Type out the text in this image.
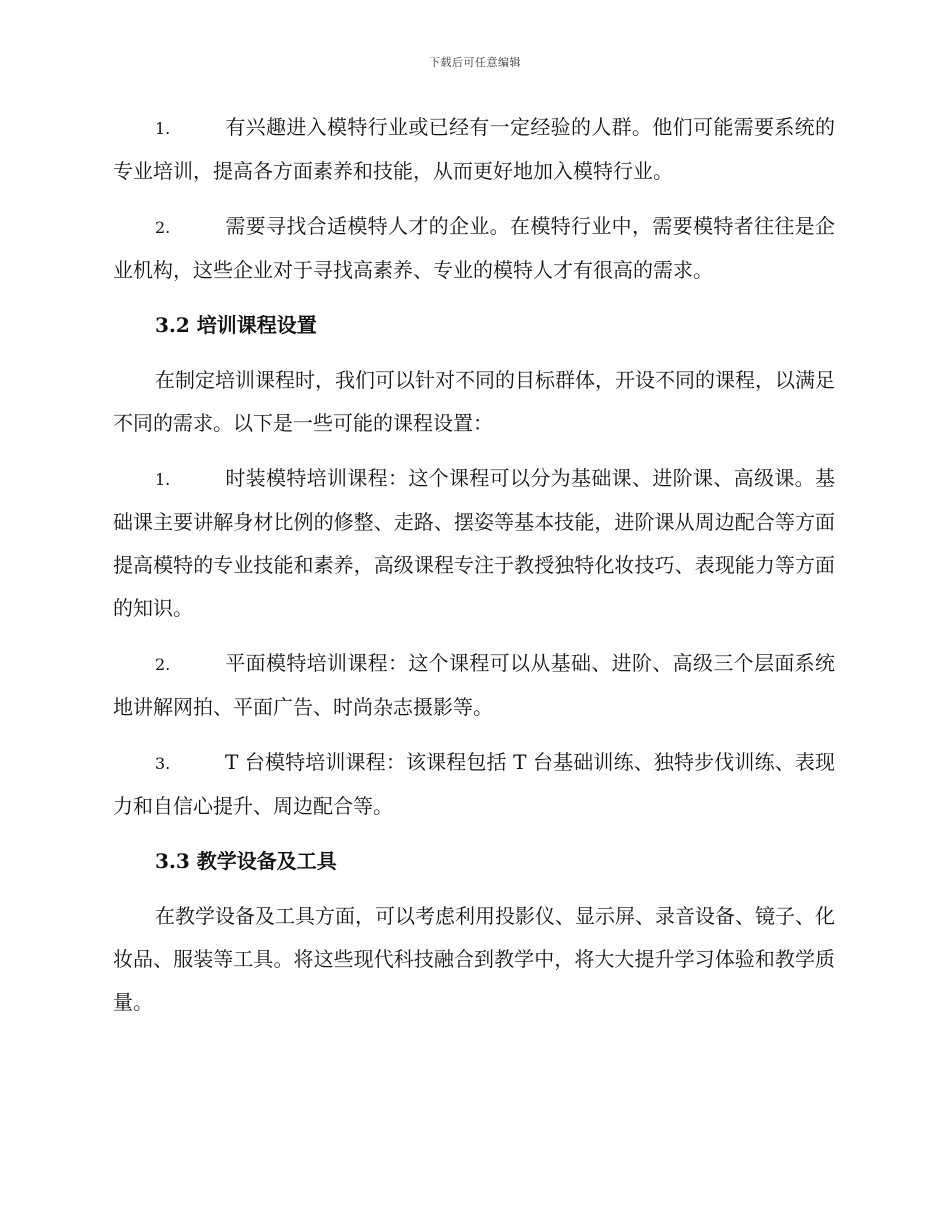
下载后可任意编辑

1.	有兴趣进入模特行业或已经有一定经验的人群。他们可能需要系统的专业培训，提高各方面素养和技能，从而更好地加入模特行业。

2.	需要寻找合适模特人才的企业。在模特行业中，需要模特者往往是企业机构，这些企业对于寻找高素养、专业的模特人才有很高的需求。

3.2 培训课程设置

在制定培训课程时，我们可以针对不同的目标群体，开设不同的课程，以满足不同的需求。以下是一些可能的课程设置：

1.	时装模特培训课程：这个课程可以分为基础课、进阶课、高级课。基础课主要讲解身材比例的修整、走路、摆姿等基本技能，进阶课从周边配合等方面提高模特的专业技能和素养，高级课程专注于教授独特化妆技巧、表现能力等方面的知识。

2.	平面模特培训课程：这个课程可以从基础、进阶、高级三个层面系统地讲解网拍、平面广告、时尚杂志摄影等。

3.	T 台模特培训课程：该课程包括 T 台基础训练、独特步伐训练、表现力和自信心提升、周边配合等。

3.3 教学设备及工具

在教学设备及工具方面，可以考虑利用投影仪、显示屏、录音设备、镜子、化妆品、服装等工具。将这些现代科技融合到教学中，将大大提升学习体验和教学质量。
